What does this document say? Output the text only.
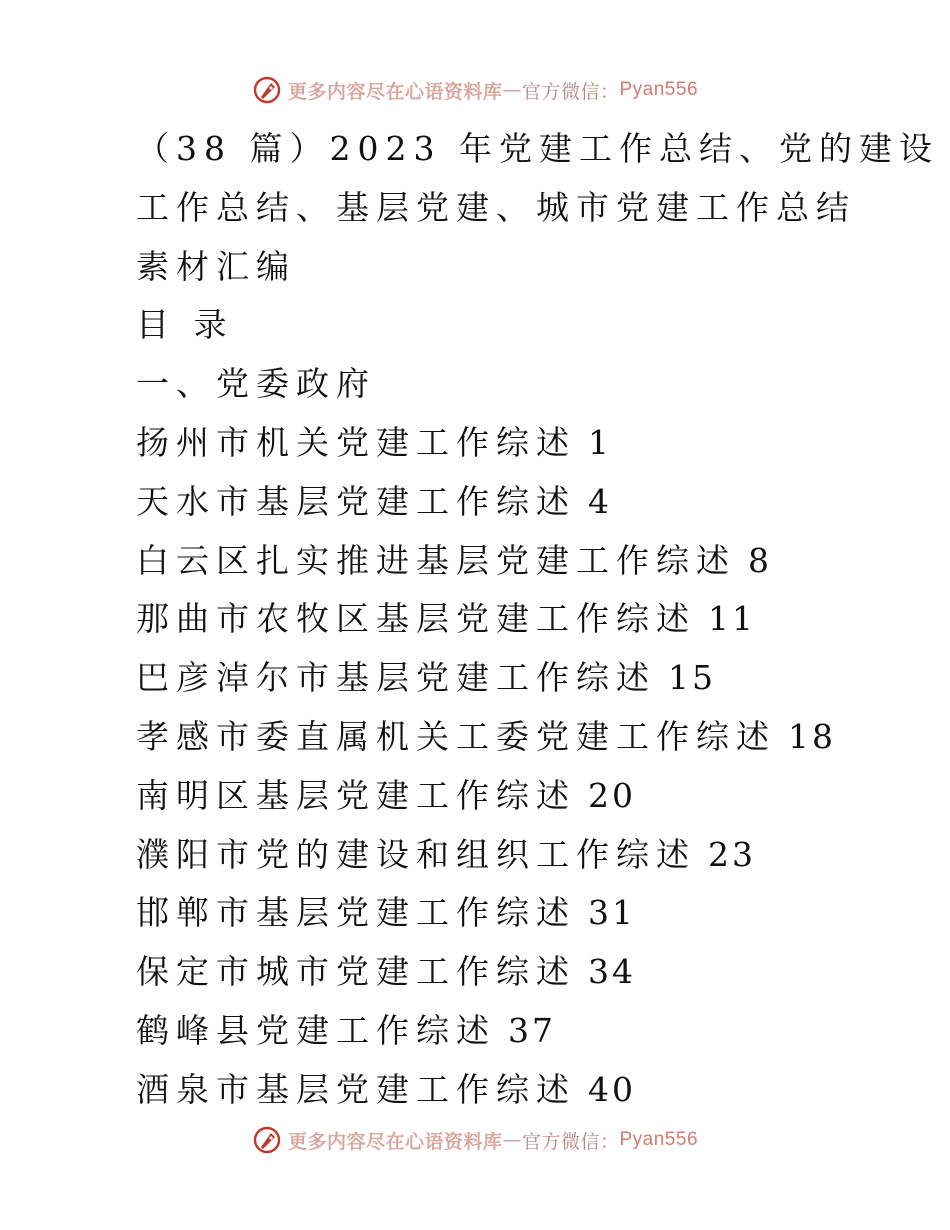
更多内容尽在心语资料库 — 官方微信： Pyan556
（38 篇）2023 年党建工作总结、党的建设
工作总结、基层党建、城市党建工作总结
素材汇编
目 录
一、党委政府
扬州市机关党建工作综述 1
天水市基层党建工作综述 4
白云区扎实推进基层党建工作综述 8
那曲市农牧区基层党建工作综述 11
巴彦淖尔市基层党建工作综述 15
孝感市委直属机关工委党建工作综述 18
南明区基层党建工作综述 20
濮阳市党的建设和组织工作综述 23
邯郸市基层党建工作综述 31
保定市城市党建工作综述 34
鹤峰县党建工作综述 37
酒泉市基层党建工作综述 40
更多内容尽在心语资料库 — 官方微信： Pyan556
